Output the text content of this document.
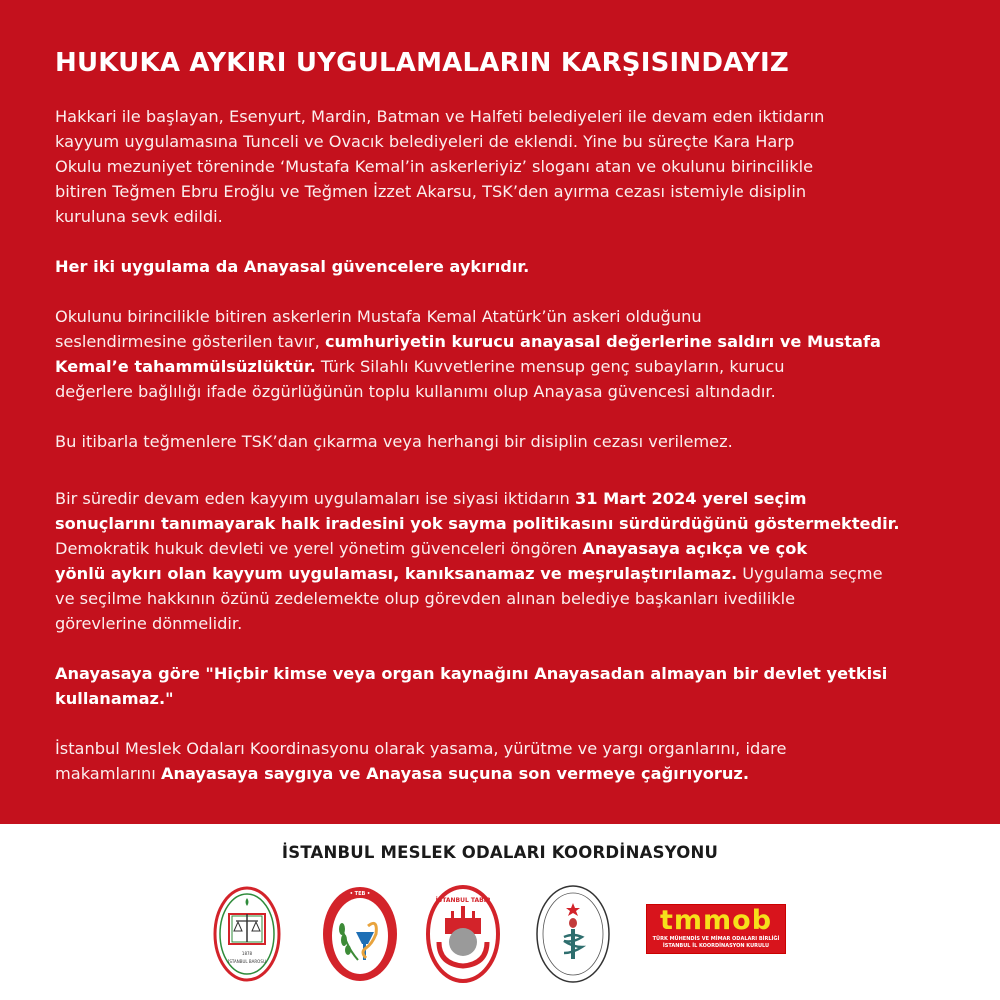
HUKUKA AYKIRI UYGULAMALARIN KARŞISINDAYIZ
Hakkari ile başlayan, Esenyurt, Mardin, Batman ve Halfeti belediyeleri ile devam eden iktidarın
kayyum uygulamasına Tunceli ve Ovacık belediyeleri de eklendi. Yine bu süreçte Kara Harp
Okulu mezuniyet töreninde ‘Mustafa Kemal’in askerleriyiz’ sloganı atan ve okulunu birincilikle
bitiren Teğmen Ebru Eroğlu ve Teğmen İzzet Akarsu, TSK’den ayırma cezası istemiyle disiplin
kuruluna sevk edildi.
Her iki uygulama da Anayasal güvencelere aykırıdır.
Okulunu birincilikle bitiren askerlerin Mustafa Kemal Atatürk’ün askeri olduğunu
seslendirmesine gösterilen tavır, cumhuriyetin kurucu anayasal değerlerine saldırı ve Mustafa
Kemal’e tahammülsüzlüktür. Türk Silahlı Kuvvetlerine mensup genç subayların, kurucu
değerlere bağlılığı ifade özgürlüğünün toplu kullanımı olup Anayasa güvencesi altındadır.
Bu itibarla teğmenlere TSK’dan çıkarma veya herhangi bir disiplin cezası verilemez.
Bir süredir devam eden kayyım uygulamaları ise siyasi iktidarın 31 Mart 2024 yerel seçim
sonuçlarını tanımayarak halk iradesini yok sayma politikasını sürdürdüğünü göstermektedir.
Demokratik hukuk devleti ve yerel yönetim güvenceleri öngören Anayasaya açıkça ve çok
yönlü aykırı olan kayyum uygulaması, kanıksanamaz ve meşrulaştırılamaz. Uygulama seçme
ve seçilme hakkının özünü zedelemekte olup görevden alınan belediye başkanları ivedilikle
görevlerine dönmelidir.
Anayasaya göre "Hiçbir kimse veya organ kaynağını Anayasadan almayan bir devlet yetkisi
kullanamaz."
İstanbul Meslek Odaları Koordinasyonu olarak yasama, yürütme ve yargı organlarını, idare
makamlarını Anayasaya saygıya ve Anayasa suçuna son vermeye çağırıyoruz.
İSTANBUL MESLEK ODALARI KOORDİNASYONU
1878
İSTANBUL BAROSU
• TEB •
İSTANBUL TABİP
1923
tmmob
TÜRK MÜHENDİS VE MİMAR ODALARI BİRLİĞİ
İSTANBUL İL KOORDİNASYON KURULU
